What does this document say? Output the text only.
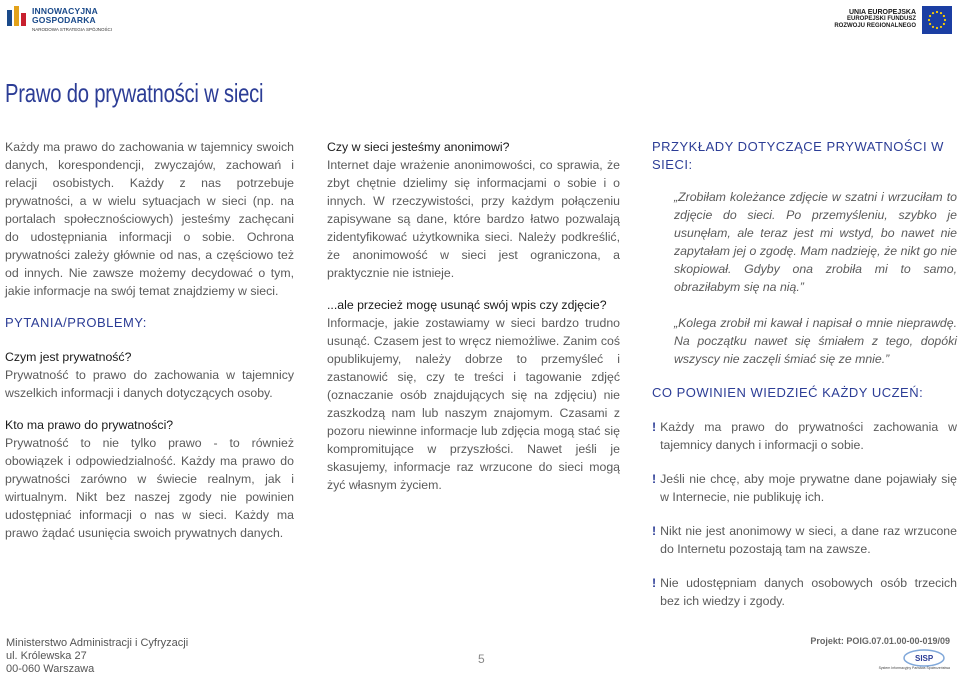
INNOWACYJNA
GOSPODARKA
NARODOWA STRATEGIA SPÓJNOŚCI
UNIA EUROPEJSKA
EUROPEJSKI FUNDUSZ
ROZWOJU REGIONALNEGO
Prawo do prywatności w sieci

Każdy ma prawo do zachowania w tajemnicy swoich danych, korespondencji, zwyczajów, zachowań i relacji osobistych. Każdy z nas potrzebuje prywatności, a w wielu sytuacjach w sieci (np. na portalach społecznościowych) jesteśmy zachęcani do udostępniania informacji o sobie. Ochrona prywatności zależy głównie od nas, a częściowo też od innych. Nie zawsze możemy decydować o tym, jakie informacje na swój temat znajdziemy w sieci.

PYTANIA/PROBLEMY:
Czym jest prywatność?

Prywatność to prawo do zachowania w tajemnicy wszelkich informacji i danych dotyczących osoby.

Kto ma prawo do prywatności?

Prywatność to nie tylko prawo - to również obowiązek i odpowiedzialność. Każdy ma prawo do prywatności zarówno w świecie realnym, jak i wirtualnym. Nikt bez naszej zgody nie powinien udostępniać informacji o nas w sieci. Każdy ma prawo żądać usunięcia swoich prywatnych danych.

Czy w sieci jesteśmy anonimowi?

Internet daje wrażenie anonimowości, co sprawia, że zbyt chętnie dzielimy się informacjami o sobie i o innych. W rzeczywistości, przy każdym połączeniu zapisywane są dane, które bardzo łatwo pozwalają zidentyfikować użytkownika sieci. Należy podkreślić, że anonimowość w sieci jest ograniczona, a praktycznie nie istnieje.

...ale przecież mogę usunąć swój wpis czy zdjęcie?

Informacje, jakie zostawiamy w sieci bardzo trudno usunąć. Czasem jest to wręcz niemożliwe. Zanim coś opublikujemy, należy dobrze to przemyśleć i zastanowić się, czy te treści i tagowanie zdjęć (oznaczanie osób znajdujących się na zdjęciu) nie zaszkodzą nam lub naszym znajomym. Czasami z pozoru niewinne informacje lub zdjęcia mogą stać się kompromitujące w przyszłości. Nawet jeśli je skasujemy, informacje raz wrzucone do sieci mogą żyć własnym życiem.

PRZYKŁADY DOTYCZĄCE PRYWATNOŚCI W SIECI:

„Zrobiłam koleżance zdjęcie w szatni i wrzuciłam to zdjęcie do sieci. Po przemyśleniu, szybko je usunęłam, ale teraz jest mi wstyd, bo nawet nie zapytałam jej o zgodę. Mam nadzieję, że nikt go nie skopiował. Gdyby ona zrobiła mi to samo, obraziłabym się na nią.”

„Kolega zrobił mi kawał i napisał o mnie nieprawdę. Na początku nawet się śmiałem z tego, dopóki wszyscy nie zaczęli śmiać się ze mnie.”

CO POWINIEN WIEDZIEĆ KAŻDY UCZEŃ:
! Każdy ma prawo do prywatności zachowania w tajemnicy danych i informacji o sobie.
! Jeśli nie chcę, aby moje prywatne dane pojawiały się w Internecie, nie publikuję ich.
! Nikt nie jest anonimowy w sieci, a dane raz wrzucone do Internetu pozostają tam na zawsze.
! Nie udostępniam danych osobowych osób trzecich bez ich wiedzy i zgody.
Ministerstwo Administracji i Cyfryzacji
ul. Królewska 27
00-060 Warszawa
5
Projekt: POIG.07.01.00-00-019/09
SISP
System Informacyjny Państwa Społeczeństwa
